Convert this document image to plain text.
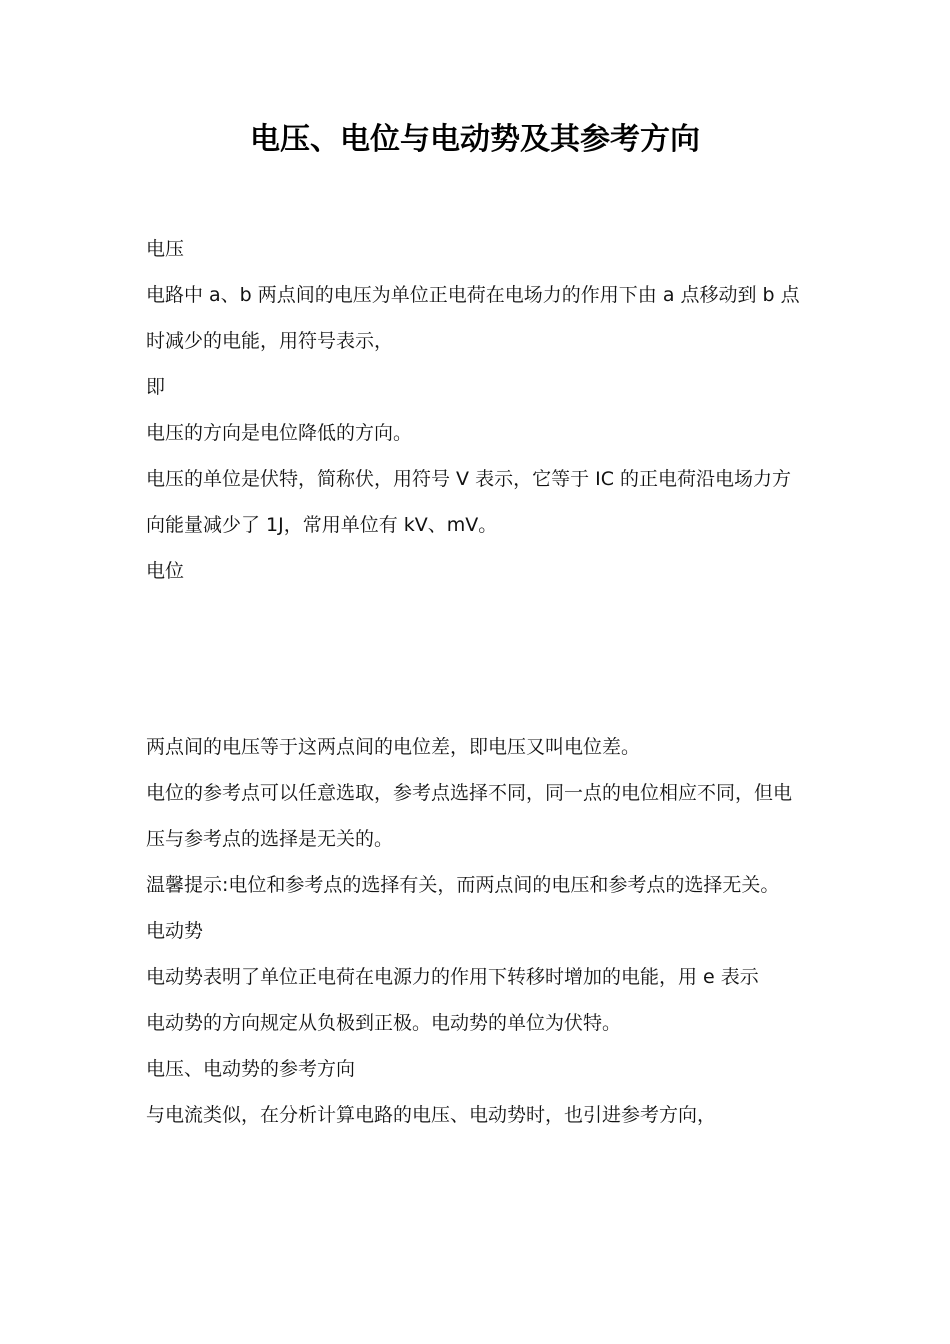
电压、电位与电动势及其参考方向

电压

电路中 a、b 两点间的电压为单位正电荷在电场力的作用下由 a 点移动到 b 点时减少的电能，用符号表示，

即

电压的方向是电位降低的方向。

电压的单位是伏特，简称伏，用符号 V 表示，它等于 IC 的正电荷沿电场力方向能量减少了 1J，常用单位有 kV、mV。

电位

两点间的电压等于这两点间的电位差，即电压又叫电位差。

电位的参考点可以任意选取，参考点选择不同，同一点的电位相应不同，但电压与参考点的选择是无关的。

温馨提示:电位和参考点的选择有关，而两点间的电压和参考点的选择无关。

电动势

电动势表明了单位正电荷在电源力的作用下转移时增加的电能，用 e 表示

电动势的方向规定从负极到正极。电动势的单位为伏特。

电压、电动势的参考方向

与电流类似，在分析计算电路的电压、电动势时，也引进参考方向，
